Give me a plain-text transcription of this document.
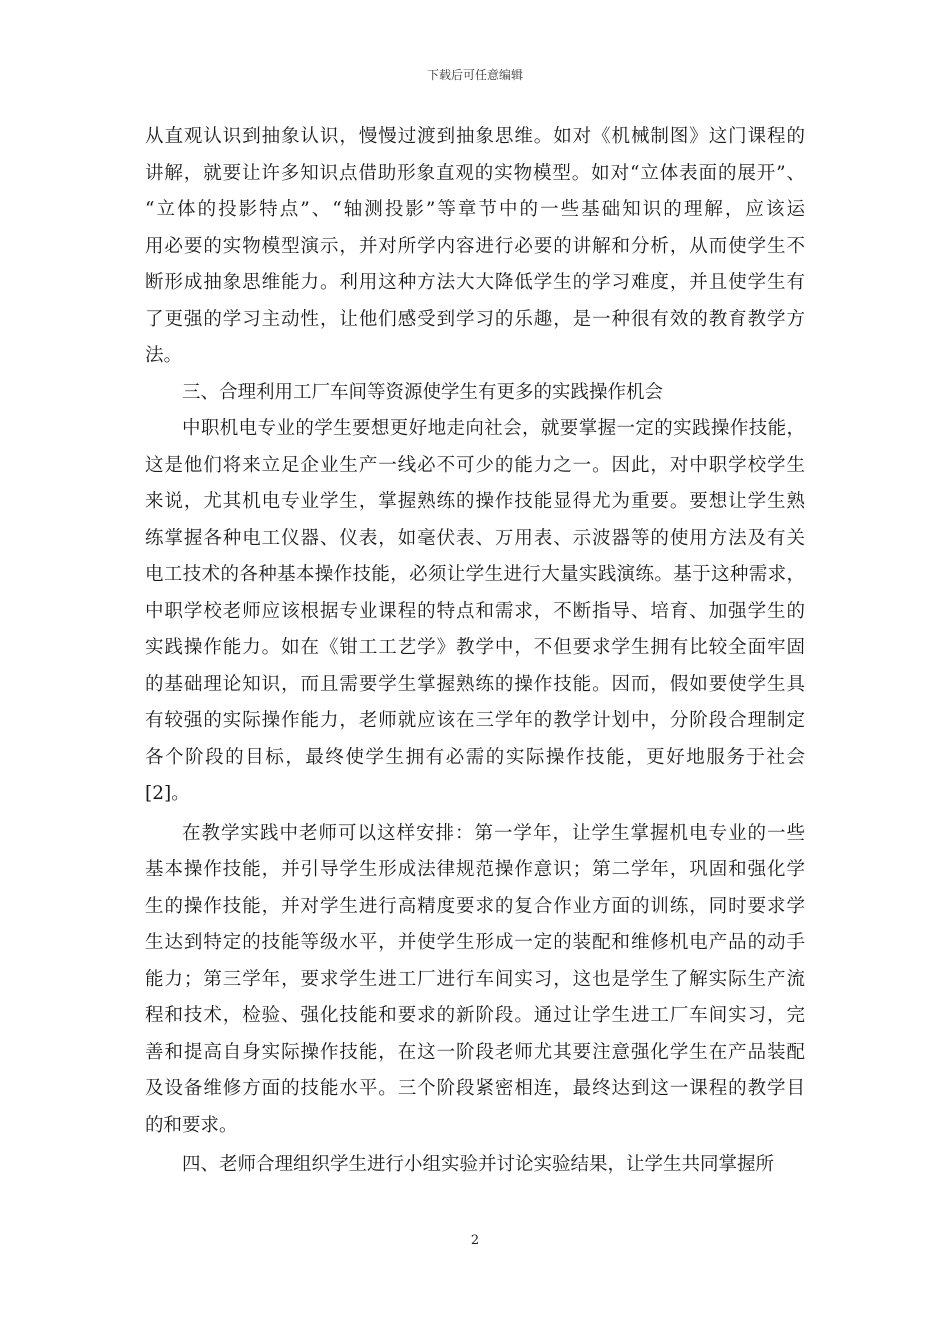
下载后可任意编辑
从直观认识到抽象认识，慢慢过渡到抽象思维。如对《机械制图》这门课程的
讲解，就要让许多知识点借助形象直观的实物模型。如对“立体表面的展开”、
“立体的投影特点”、“轴测投影”等章节中的一些基础知识的理解，应该运
用必要的实物模型演示，并对所学内容进行必要的讲解和分析，从而使学生不
断形成抽象思维能力。利用这种方法大大降低学生的学习难度，并且使学生有
了更强的学习主动性，让他们感受到学习的乐趣，是一种很有效的教育教学方
法。
三、合理利用工厂车间等资源使学生有更多的实践操作机会
中职机电专业的学生要想更好地走向社会，就要掌握一定的实践操作技能，
这是他们将来立足企业生产一线必不可少的能力之一。因此，对中职学校学生
来说，尤其机电专业学生，掌握熟练的操作技能显得尤为重要。要想让学生熟
练掌握各种电工仪器、仪表，如毫伏表、万用表、示波器等的使用方法及有关
电工技术的各种基本操作技能，必须让学生进行大量实践演练。基于这种需求，
中职学校老师应该根据专业课程的特点和需求，不断指导、培育、加强学生的
实践操作能力。如在《钳工工艺学》教学中，不但要求学生拥有比较全面牢固
的基础理论知识，而且需要学生掌握熟练的操作技能。因而，假如要使学生具
有较强的实际操作能力，老师就应该在三学年的教学计划中，分阶段合理制定
各个阶段的目标，最终使学生拥有必需的实际操作技能，更好地服务于社会
[2]。
在教学实践中老师可以这样安排：第一学年，让学生掌握机电专业的一些
基本操作技能，并引导学生形成法律规范操作意识；第二学年，巩固和强化学
生的操作技能，并对学生进行高精度要求的复合作业方面的训练，同时要求学
生达到特定的技能等级水平，并使学生形成一定的装配和维修机电产品的动手
能力；第三学年，要求学生进工厂进行车间实习，这也是学生了解实际生产流
程和技术，检验、强化技能和要求的新阶段。通过让学生进工厂车间实习，完
善和提高自身实际操作技能，在这一阶段老师尤其要注意强化学生在产品装配
及设备维修方面的技能水平。三个阶段紧密相连，最终达到这一课程的教学目
的和要求。
四、老师合理组织学生进行小组实验并讨论实验结果，让学生共同掌握所
2
